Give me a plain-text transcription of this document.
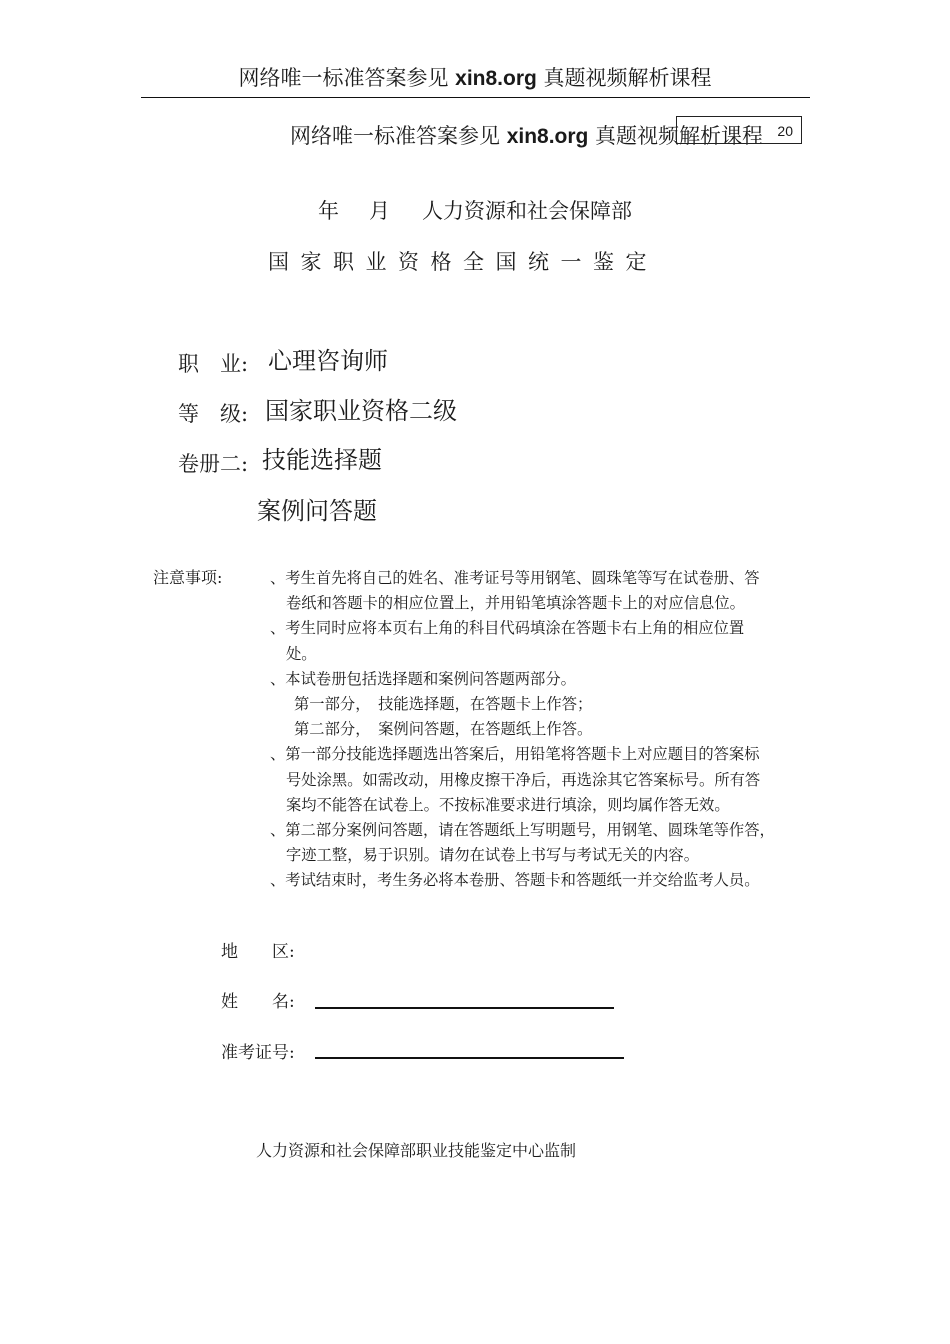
网络唯一标准答案参见 xin8.org 真题视频解析课程
网络唯一标准答案参见 xin8.org 真题视频解析课程	20
年 月 人力资源和社会保障部
国家职业资格全国统一鉴定
职　业: 心理咨询师
等　级: 国家职业资格二级
卷册二: 技能选择题
案例问答题
注意事项:	、考生首先将自己的姓名、准考证号等用钢笔、圆珠笔等写在试卷册、答
卷纸和答题卡的相应位置上，并用铅笔填涂答题卡上的对应信息位。
、考生同时应将本页右上角的科目代码填涂在答题卡右上角的相应位置
处。
、本试卷册包括选择题和案例问答题两部分。
第一部分，　技能选择题，在答题卡上作答；
第二部分，　案例问答题，在答题纸上作答。
、第一部分技能选择题选出答案后，用铅笔将答题卡上对应题目的答案标
号处涂黑。如需改动，用橡皮擦干净后，再选涂其它答案标号。所有答
案均不能答在试卷上。不按标准要求进行填涂，则均属作答无效。
、第二部分案例问答题，请在答题纸上写明题号，用钢笔、圆珠笔等作答，
字迹工整，易于识别。请勿在试卷上书写与考试无关的内容。
、考试结束时，考生务必将本卷册、答题卡和答题纸一并交给监考人员。
地　　区:
姓　　名:
准考证号:
人力资源和社会保障部职业技能鉴定中心监制
